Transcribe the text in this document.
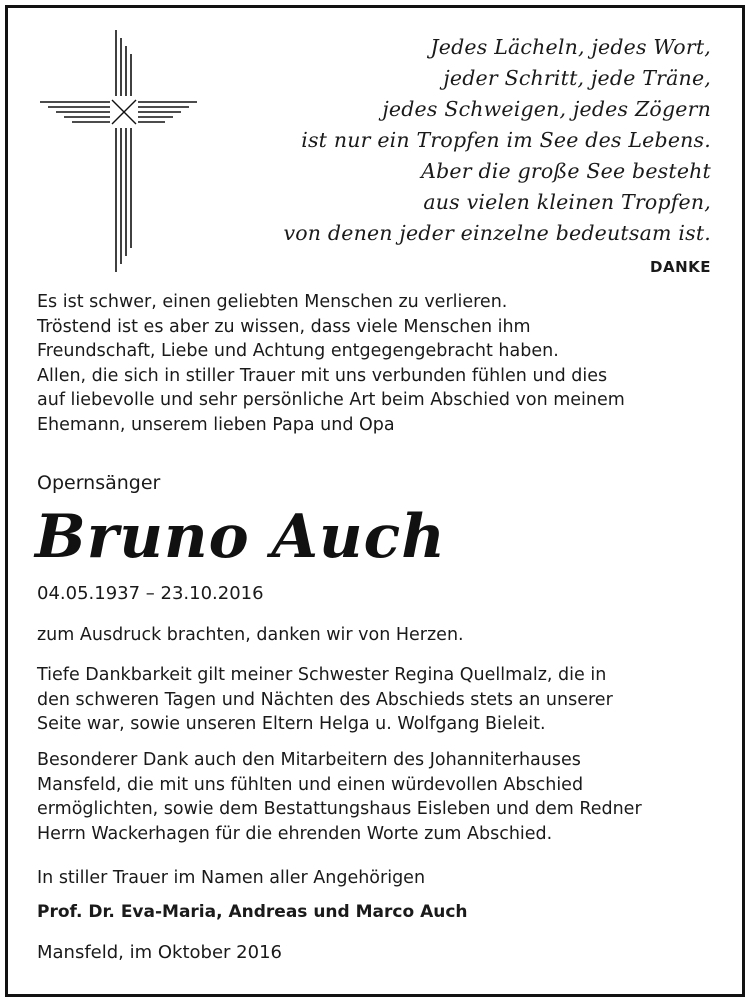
Jedes Lächeln, jedes Wort,
jeder Schritt, jede Träne,
jedes Schweigen, jedes Zögern
ist nur ein Tropfen im See des Lebens.
Aber die große See besteht
aus vielen kleinen Tropfen,
von denen jeder einzelne bedeutsam ist.
DANKE
Es ist schwer, einen geliebten Menschen zu verlieren.
Tröstend ist es aber zu wissen, dass viele Menschen ihm
Freundschaft, Liebe und Achtung entgegengebracht haben.
Allen, die sich in stiller Trauer mit uns verbunden fühlen und dies
auf liebevolle und sehr persönliche Art beim Abschied von meinem
Ehemann, unserem lieben Papa und Opa
Opernsänger
Bruno Auch
04.05.1937 – 23.10.2016
zum Ausdruck brachten, danken wir von Herzen.
Tiefe Dankbarkeit gilt meiner Schwester Regina Quellmalz, die in
den schweren Tagen und Nächten des Abschieds stets an unserer
Seite war, sowie unseren Eltern Helga u. Wolfgang Bieleit.
Besonderer Dank auch den Mitarbeitern des Johanniterhauses
Mansfeld, die mit uns fühlten und einen würdevollen Abschied
ermöglichten, sowie dem Bestattungshaus Eisleben und dem Redner
Herrn Wackerhagen für die ehrenden Worte zum Abschied.
In stiller Trauer im Namen aller Angehörigen
Prof. Dr. Eva-Maria, Andreas und Marco Auch
Mansfeld, im Oktober 2016
